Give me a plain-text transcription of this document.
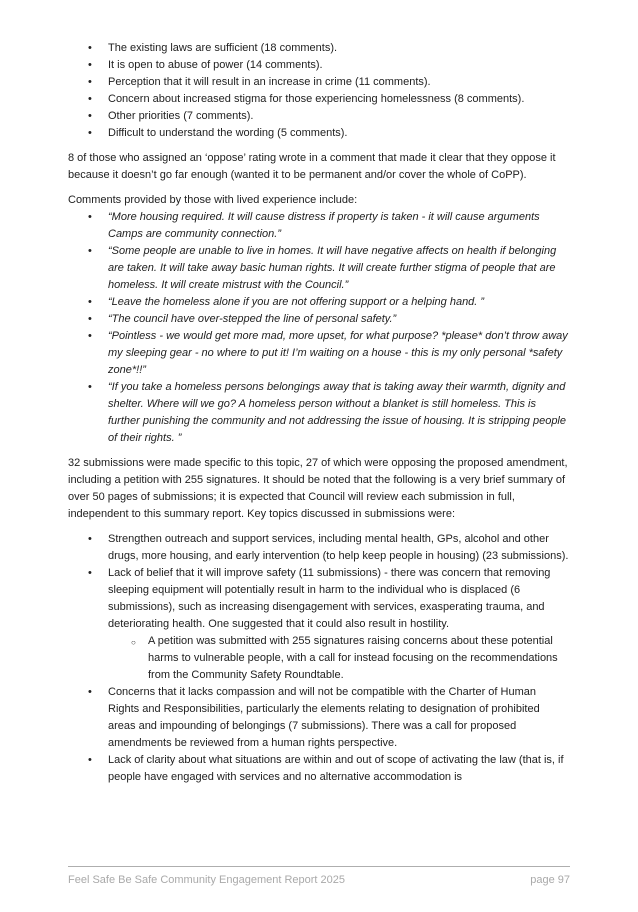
• The existing laws are sufficient (18 comments).
• It is open to abuse of power (14 comments).
• Perception that it will result in an increase in crime (11 comments).
• Concern about increased stigma for those experiencing homelessness (8 comments).
• Other priorities (7 comments).
• Difficult to understand the wording (5 comments).

8 of those who assigned an ‘oppose’ rating wrote in a comment that made it clear that they oppose it because it doesn’t go far enough (wanted it to be permanent and/or cover the whole of CoPP).

Comments provided by those with lived experience include:

• “More housing required. It will cause distress if property is taken - it will cause arguments Camps are community connection.”
• “Some people are unable to live in homes. It will have negative affects on health if belonging are taken. It will take away basic human rights. It will create further stigma of people that are homeless. It will create mistrust with the Council.”
• “Leave the homeless alone if you are not offering support or a helping hand. ”
• “The council have over-stepped the line of personal safety.”
• “Pointless - we would get more mad, more upset, for what purpose? *please* don’t throw away my sleeping gear - no where to put it! I’m waiting on a house - this is my only personal *safety zone*!!”
• “If you take a homeless persons belongings away that is taking away their warmth, dignity and shelter. Where will we go? A homeless person without a blanket is still homeless. This is further punishing the community and not addressing the issue of housing. It is stripping people of their rights. ”

32 submissions were made specific to this topic, 27 of which were opposing the proposed amendment, including a petition with 255 signatures. It should be noted that the following is a very brief summary of over 50 pages of submissions; it is expected that Council will review each submission in full, independent to this summary report. Key topics discussed in submissions were:

• Strengthen outreach and support services, including mental health, GPs, alcohol and other drugs, more housing, and early intervention (to help keep people in housing) (23 submissions).
• Lack of belief that it will improve safety (11 submissions) - there was concern that removing sleeping equipment will potentially result in harm to the individual who is displaced (6 submissions), such as increasing disengagement with services, exasperating trauma, and deteriorating health. One suggested that it could also result in hostility.
○ A petition was submitted with 255 signatures raising concerns about these potential harms to vulnerable people, with a call for instead focusing on the recommendations from the Community Safety Roundtable.
• Concerns that it lacks compassion and will not be compatible with the Charter of Human Rights and Responsibilities, particularly the elements relating to designation of prohibited areas and impounding of belongings (7 submissions). There was a call for proposed amendments be reviewed from a human rights perspective.
• Lack of clarity about what situations are within and out of scope of activating the law (that is, if people have engaged with services and no alternative accommodation is
Feel Safe Be Safe Community Engagement Report 2025	page 97
